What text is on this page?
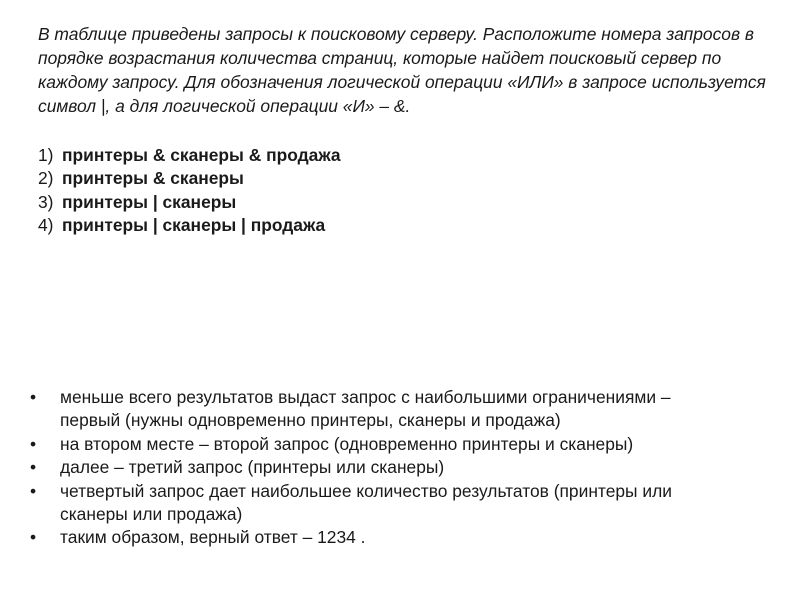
В таблице приведены запросы к поисковому серверу. Расположите номера запросов в порядке возрастания количества страниц, которые найдет поисковый сервер по каждому запросу. Для обозначения логической операции «ИЛИ» в запросе используется символ |, а для логической операции «И» – &.

1) принтеры & сканеры & продажа
2) принтеры & сканеры
3) принтеры | сканеры
4) принтеры | сканеры | продажа
•	меньше всего результатов выдаст запрос с наибольшими ограничениями – первый (нужны одновременно принтеры, сканеры и продажа)
•	на втором месте – второй запрос (одновременно принтеры и сканеры)
•	далее – третий запрос (принтеры или сканеры)
•	четвертый запрос дает наибольшее количество результатов (принтеры или сканеры или продажа)
•	таким образом, верный ответ – 1234 .
